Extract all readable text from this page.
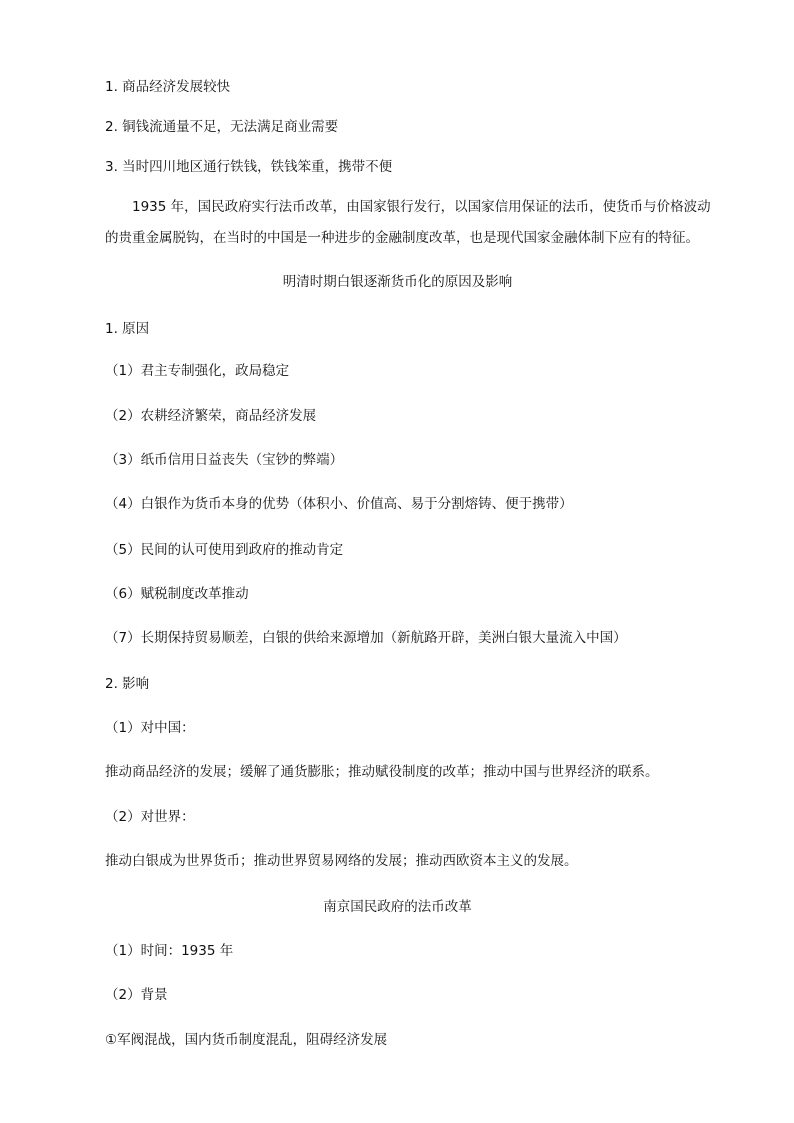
1. 商品经济发展较快
2. 铜钱流通量不足，无法满足商业需要
3. 当时四川地区通行铁钱，铁钱笨重，携带不便
1935 年，国民政府实行法币改革，由国家银行发行，以国家信用保证的法币，使货币与价格波动的贵重金属脱钩，在当时的中国是一种进步的金融制度改革，也是现代国家金融体制下应有的特征。
明清时期白银逐渐货币化的原因及影响
1. 原因
（1）君主专制强化，政局稳定
（2）农耕经济繁荣，商品经济发展
（3）纸币信用日益丧失（宝钞的弊端）
（4）白银作为货币本身的优势（体积小、价值高、易于分割熔铸、便于携带）
（5）民间的认可使用到政府的推动肯定
（6）赋税制度改革推动
（7）长期保持贸易顺差，白银的供给来源增加（新航路开辟，美洲白银大量流入中国）
2. 影响
（1）对中国：
推动商品经济的发展；缓解了通货膨胀；推动赋役制度的改革；推动中国与世界经济的联系。
（2）对世界：
推动白银成为世界货币；推动世界贸易网络的发展；推动西欧资本主义的发展。
南京国民政府的法币改革
（1）时间：1935 年
（2）背景
①军阀混战，国内货币制度混乱，阻碍经济发展
